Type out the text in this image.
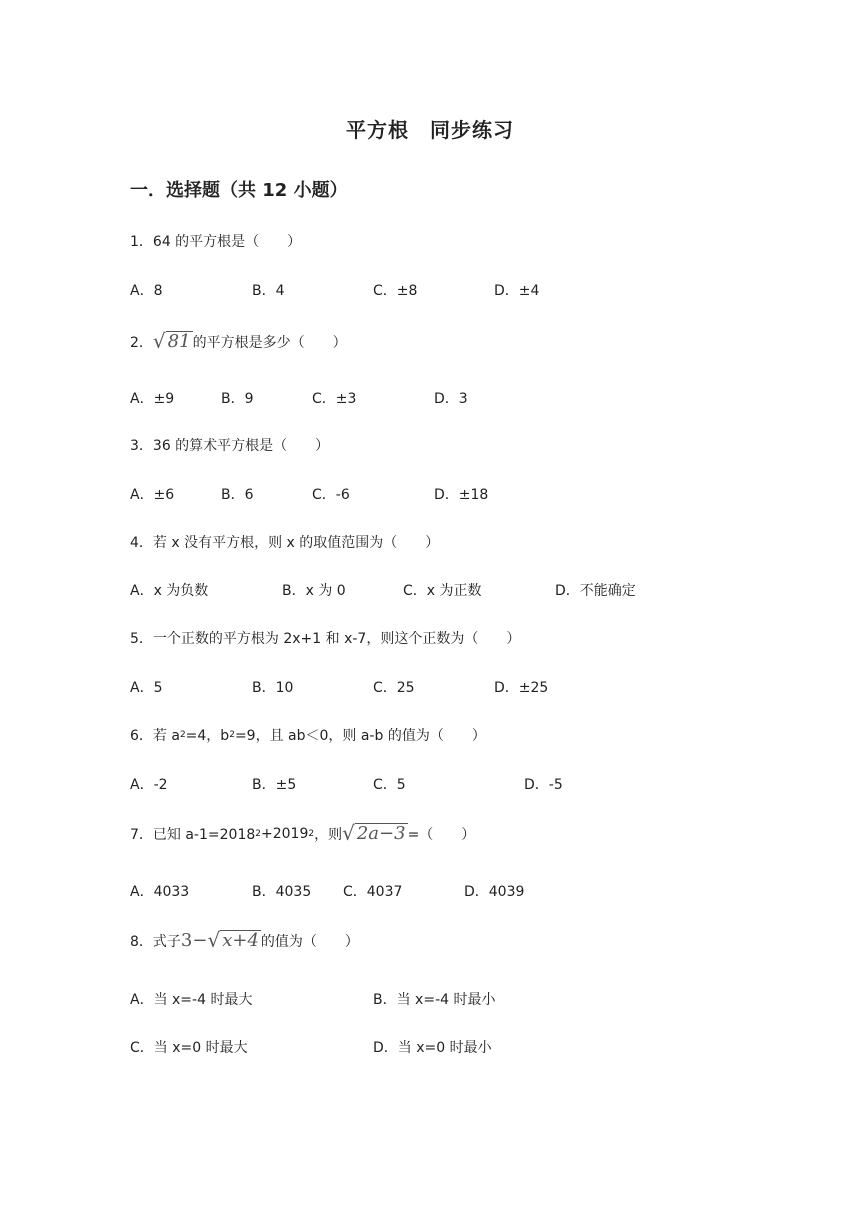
平方根　同步练习
一．选择题（共 12 小题）
1．64 的平方根是（　　）
A．8	B．4	C．±8	D．±4
2． √ 81 的平方根是多少（　　）
A．±9	B．9	C．±3	D．3
3．36 的算术平方根是（　　）
A．±6	B．6	C．-6	D．±18
4．若 x 没有平方根，则 x 的取值范围为（　　）
A．x 为负数	B．x 为 0	C．x 为正数	D．不能确定
5．一个正数的平方根为 2x+1 和 x-7，则这个正数为（　　）
A．5	B．10	C．25	D．±25
6．若 a 2 =4，b 2 =9，且 ab＜0，则 a-b 的值为（　　）
A．-2	B．±5	C．5	D．-5
7．已知 a-1=2018 2 +2019 2 ，则 √ 2a−3 =（　　）
A．4033	B．4035 C．4037	D．4039
8．式子 3− √ x+4 的值为（　　）
A．当 x=-4 时最大	B．当 x=-4 时最小
C．当 x=0 时最大	D．当 x=0 时最小
